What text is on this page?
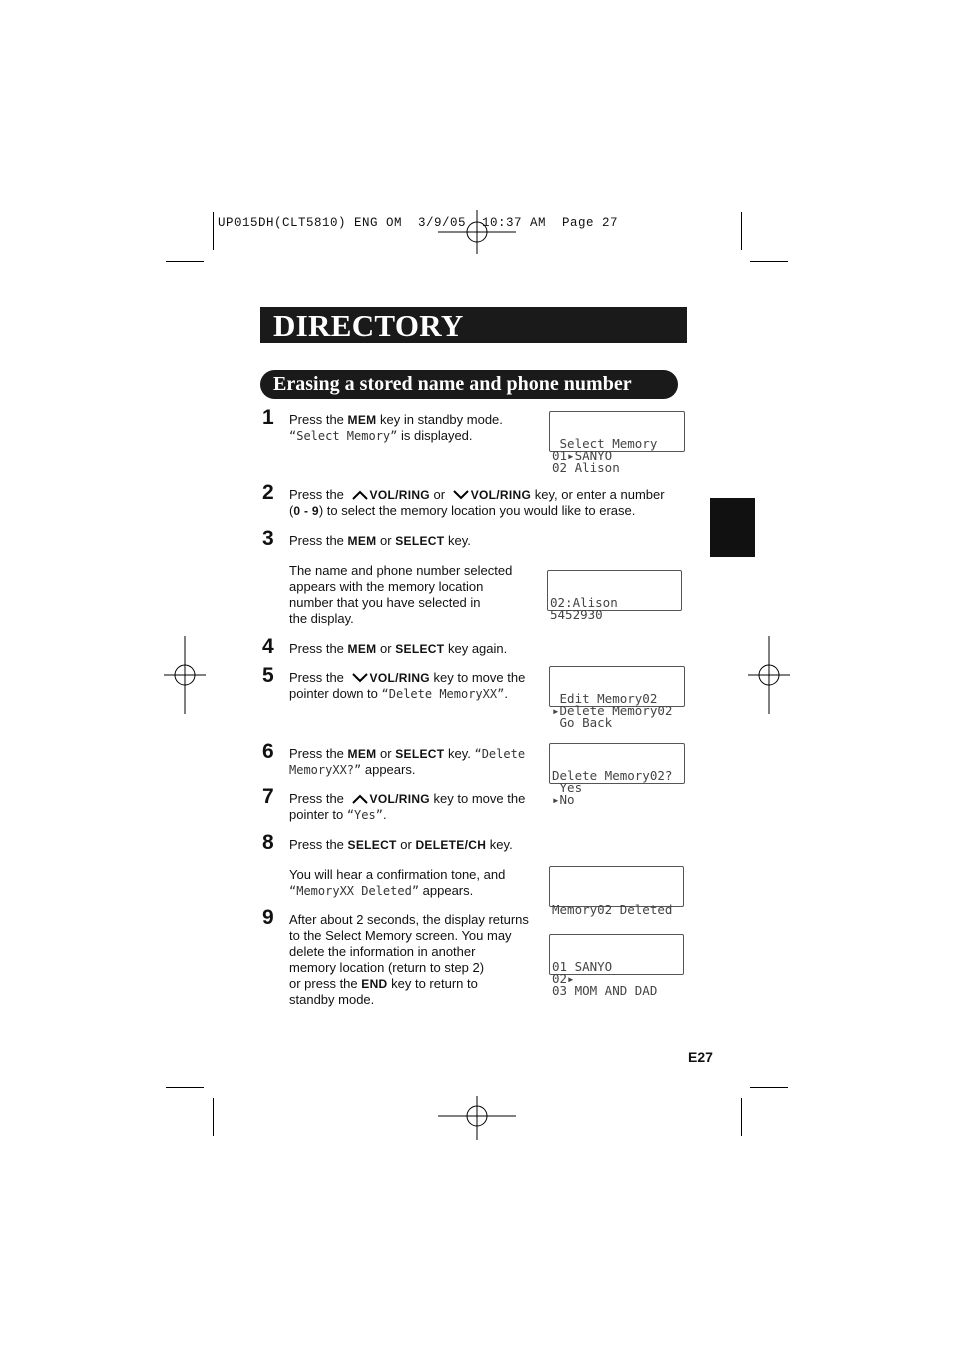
UP015DH(CLT5810) ENG OM  3/9/05  10:37 AM  Page 27
DIRECTORY
Erasing a stored name and phone number
1 Press the MEM key in standby mode.
“Select Memory” is displayed.

Select Memory
01▸SANYO
02 Alison

2 Press the VOL/RING or VOL/RING key, or enter a number
(0 - 9) to select the memory location you would like to erase.
3 Press the MEM or SELECT key.
The name and phone number selected
appears with the memory location
number that you have selected in
the display.

02:Alison
5452930

4 Press the MEM or SELECT key again.
5 Press the VOL/RING key to move the
pointer down to “Delete MemoryXX”.

	Edit Memory02
▸Delete Memory02
Go Back

6 Press the MEM or SELECT key. “Delete
MemoryXX?” appears.

	Delete Memory02?
Yes
▸No

7 Press the VOL/RING key to move the
pointer to “Yes”.
8 Press the SELECT or DELETE/CH key.
You will hear a confirmation tone, and
“MemoryXX Deleted” appears.

Memory02 Deleted

9 After about 2 seconds, the display returns
to the Select Memory screen. You may
delete the information in another
memory location (return to step 2)
or press the END key to return to
standby mode.

01 SANYO
02▸
03 MOM AND DAD

E27
